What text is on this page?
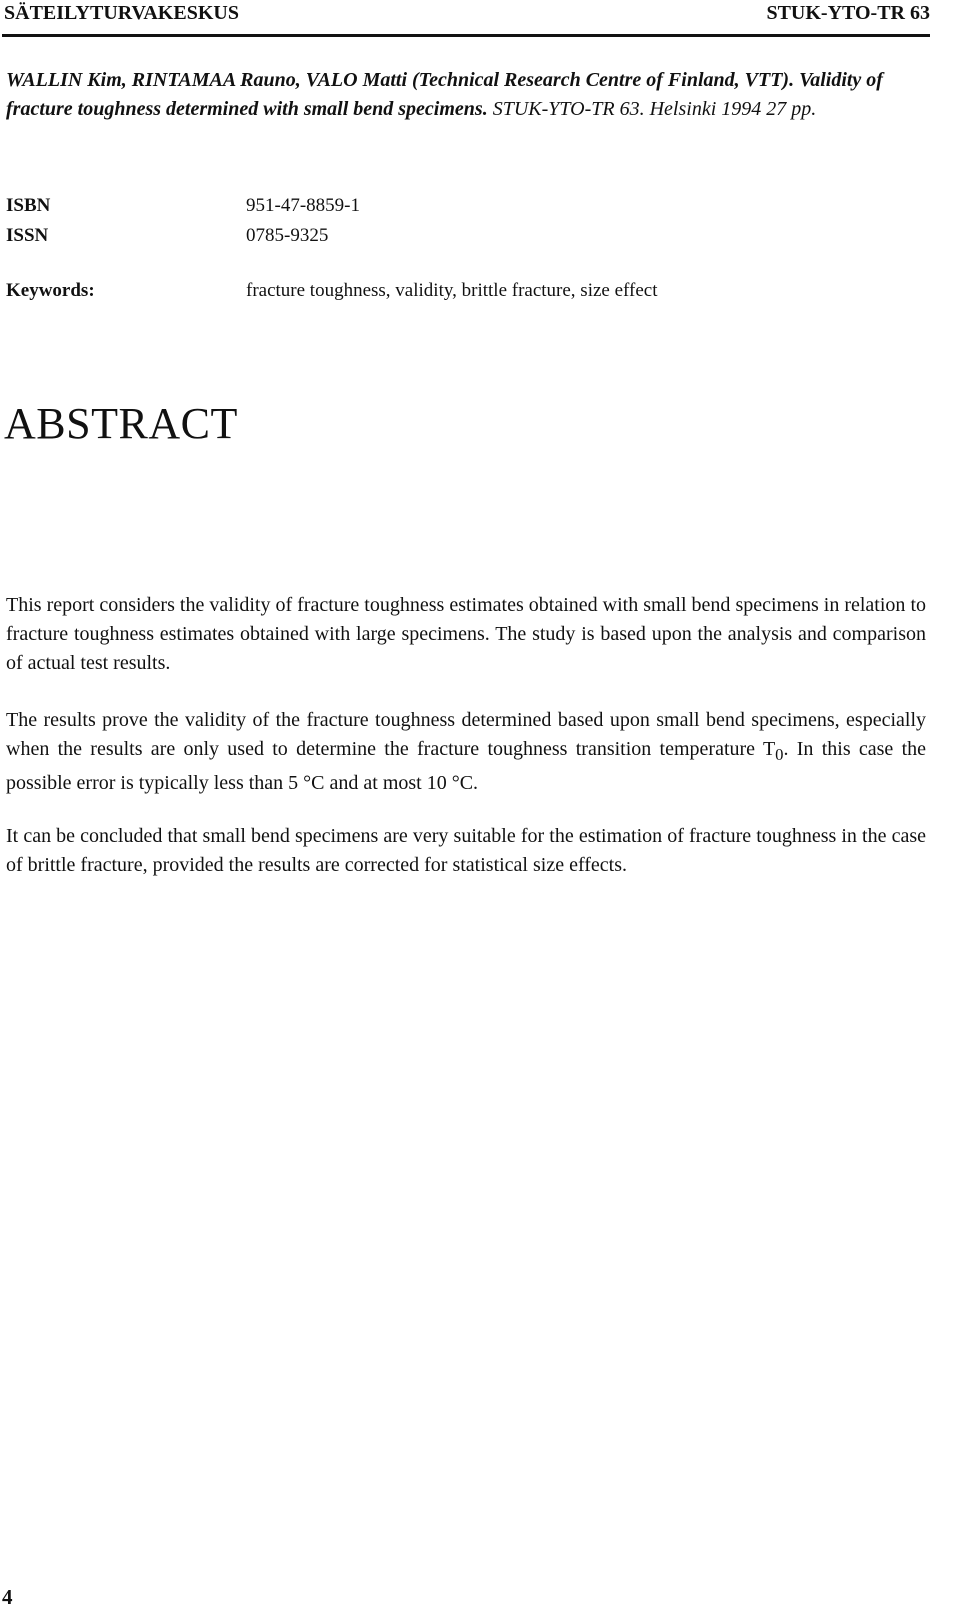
SÄTEILYTURVAKESKUS	STUK-YTO-TR 63
WALLIN Kim, RINTAMAA Rauno, VALO Matti (Technical Research Centre of Finland, VTT). Validity of fracture toughness determined with small bend specimens. STUK-YTO-TR 63. Helsinki 1994 27 pp.
ISBN	951-47-8859-1
ISSN	0785-9325
Keywords:	fracture toughness, validity, brittle fracture, size effect
ABSTRACT

This report considers the validity of fracture toughness estimates obtained with small bend specimens in relation to fracture toughness estimates obtained with large specimens. The study is based upon the analysis and comparison of actual test results.

The results prove the validity of the fracture toughness determined based upon small bend specimens, especially when the results are only used to determine the fracture toughness transition temperature $T_0$. In this case the possible error is typically less than 5 °C and at most 10 °C.

It can be concluded that small bend specimens are very suitable for the estimation of fracture toughness in the case of brittle fracture, provided the results are corrected for statistical size effects.

4
